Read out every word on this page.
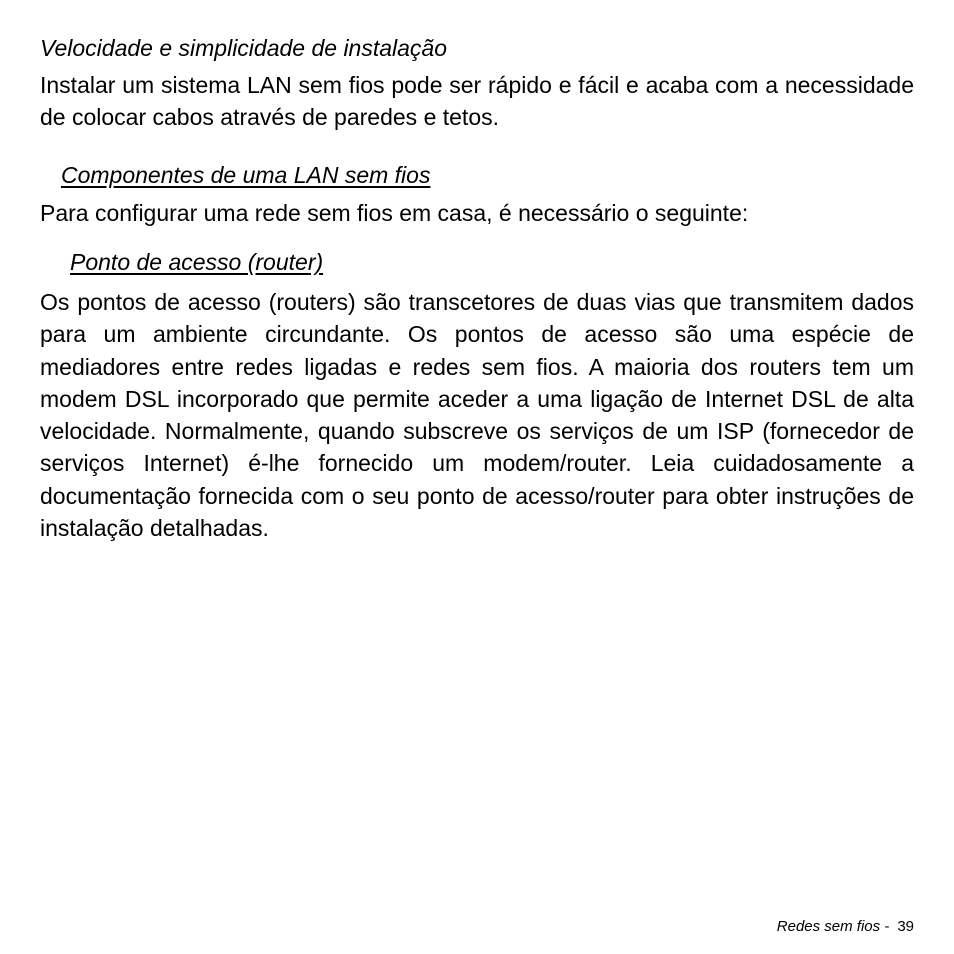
Velocidade e simplicidade de instalação

Instalar um sistema LAN sem fios pode ser rápido e fácil e acaba com a necessidade de colocar cabos através de paredes e tetos.

Componentes de uma LAN sem fios

Para configurar uma rede sem fios em casa, é necessário o seguinte:

Ponto de acesso (router)

Os pontos de acesso (routers) são transcetores de duas vias que transmitem dados para um ambiente circundante. Os pontos de acesso são uma espécie de mediadores entre redes ligadas e redes sem fios. A maioria dos routers tem um modem DSL incorporado que permite aceder a uma ligação de Internet DSL de alta velocidade. Normalmente, quando subscreve os serviços de um ISP (fornecedor de serviços Internet) é-lhe fornecido um modem/router. Leia cuidadosamente a documentação fornecida com o seu ponto de acesso/router para obter instruções de instalação detalhadas.

Redes sem fios - 39
